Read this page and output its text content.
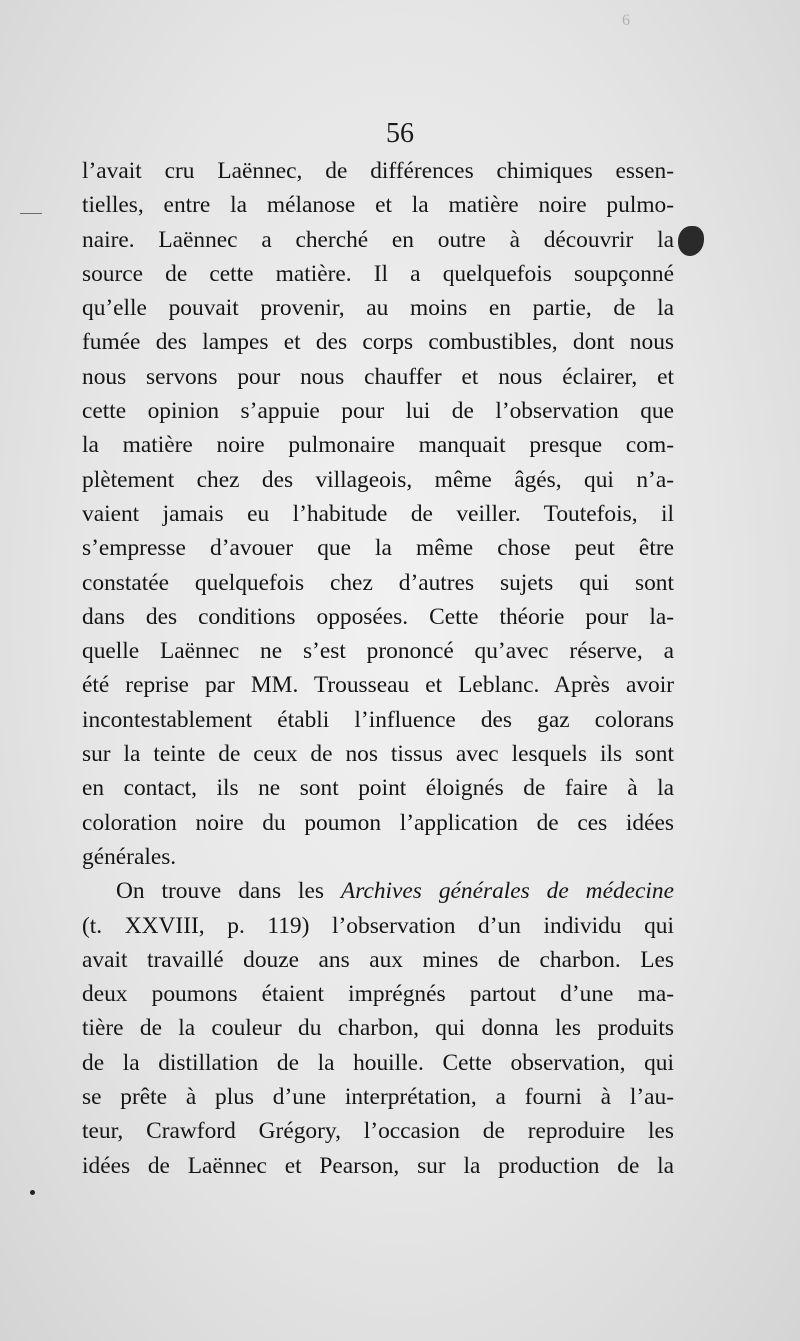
6
56
l’avait cru Laënnec, de différences chimiques essen-
tielles, entre la mélanose et la matière noire pulmo-
naire. Laënnec a cherché en outre à découvrir la
source de cette matière. Il a quelquefois soupçonné
qu’elle pouvait provenir, au moins en partie, de la
fumée des lampes et des corps combustibles, dont nous
nous servons pour nous chauffer et nous éclairer, et
cette opinion s’appuie pour lui de l’observation que
la matière noire pulmonaire manquait presque com-
plètement chez des villageois, même âgés, qui n’a-
vaient jamais eu l’habitude de veiller. Toutefois, il
s’empresse d’avouer que la même chose peut être
constatée quelquefois chez d’autres sujets qui sont
dans des conditions opposées. Cette théorie pour la-
quelle Laënnec ne s’est prononcé qu’avec réserve, a
été reprise par MM. Trousseau et Leblanc. Après avoir
incontestablement établi l’influence des gaz colorans
sur la teinte de ceux de nos tissus avec lesquels ils sont
en contact, ils ne sont point éloignés de faire à la
coloration noire du poumon l’application de ces idées
générales.
On trouve dans les Archives générales de médecine
(t. XXVIII, p. 119) l’observation d’un individu qui
avait travaillé douze ans aux mines de charbon. Les
deux poumons étaient imprégnés partout d’une ma-
tière de la couleur du charbon, qui donna les produits
de la distillation de la houille. Cette observation, qui
se prête à plus d’une interprétation, a fourni à l’au-
teur, Crawford Grégory, l’occasion de reproduire les
idées de Laënnec et Pearson, sur la production de la
